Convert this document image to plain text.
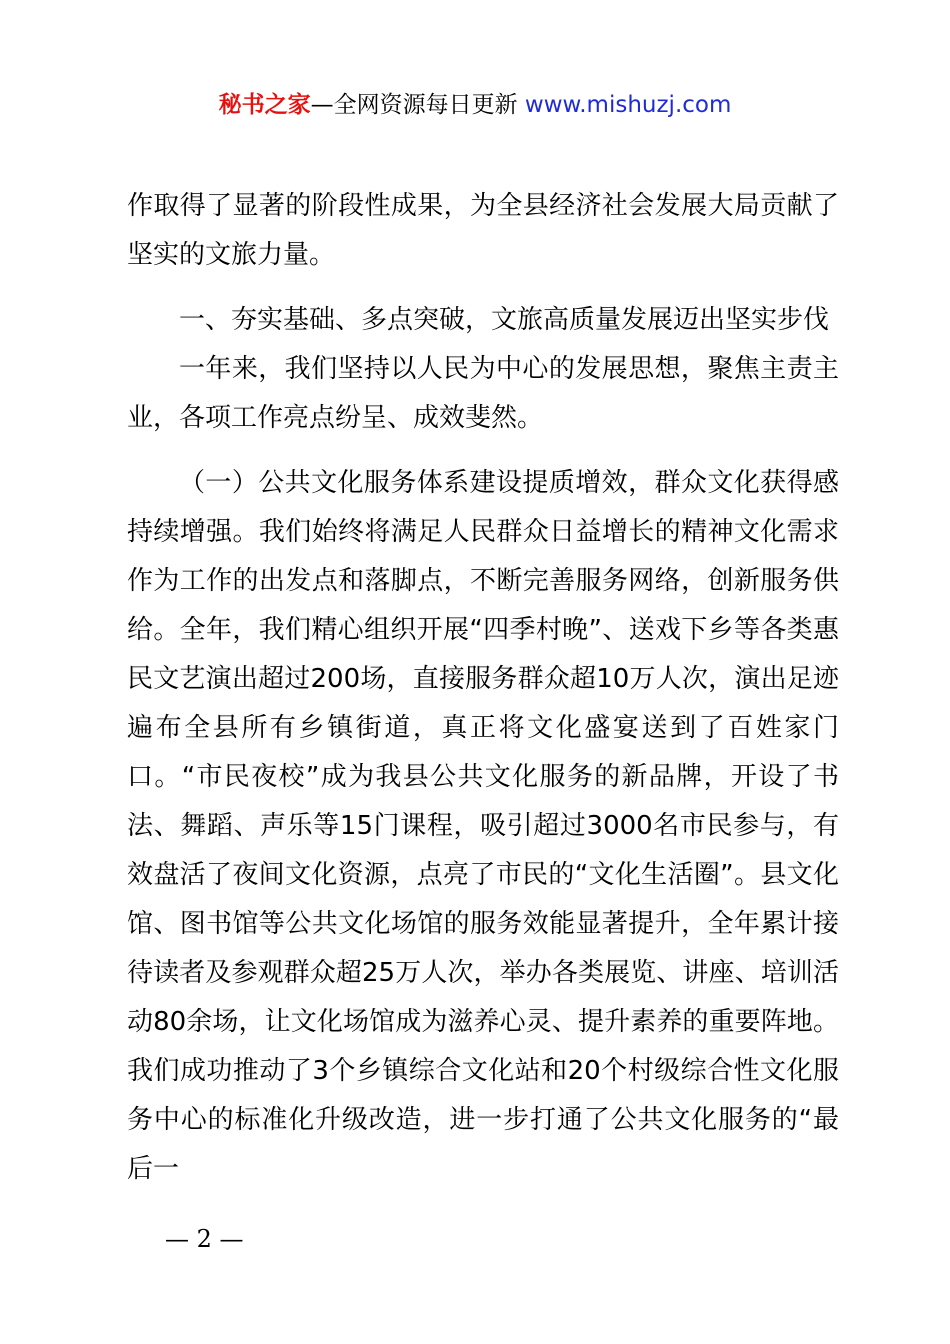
秘书之家—全网资源每日更新 www.mishuzj.com

作取得了显著的阶段性成果，为全县经济社会发展大局贡献了坚实的文旅力量。

一、夯实基础、多点突破，文旅高质量发展迈出坚实步伐

一年来，我们坚持以人民为中心的发展思想，聚焦主责主业，各项工作亮点纷呈、成效斐然。

（一）公共文化服务体系建设提质增效，群众文化获得感持续增强。我们始终将满足人民群众日益增长的精神文化需求作为工作的出发点和落脚点，不断完善服务网络，创新服务供给。全年，我们精心组织开展“四季村晚”、送戏下乡等各类惠民文艺演出超过200场，直接服务群众超10万人次，演出足迹遍布全县所有乡镇街道，真正将文化盛宴送到了百姓家门口。“市民夜校”成为我县公共文化服务的新品牌，开设了书法、舞蹈、声乐等15门课程，吸引超过3000名市民参与，有效盘活了夜间文化资源，点亮了市民的“文化生活圈”。县文化馆、图书馆等公共文化场馆的服务效能显著提升，全年累计接待读者及参观群众超25万人次，举办各类展览、讲座、培训活动80余场，让文化场馆成为滋养心灵、提升素养的重要阵地。我们成功推动了3个乡镇综合文化站和20个村级综合性文化服务中心的标准化升级改造，进一步打通了公共文化服务的“最后一

— 2 —
